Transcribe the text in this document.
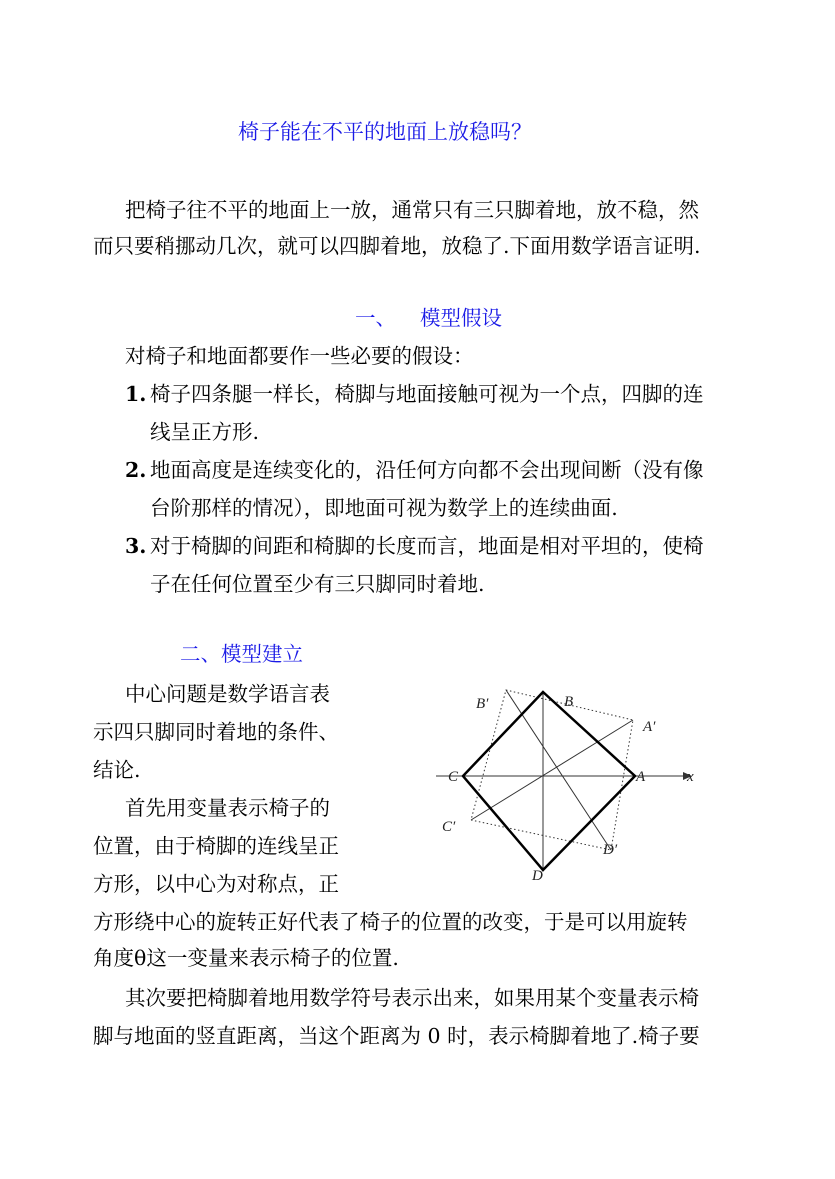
椅子能在不平的地面上放稳吗？
把椅子往不平的地面上一放，通常只有三只脚着地，放不稳，然
而只要稍挪动几次，就可以四脚着地，放稳了.下面用数学语言证明.
一、 模型假设
对椅子和地面都要作一些必要的假设：
1. 椅子四条腿一样长，椅脚与地面接触可视为一个点，四脚的连
线呈正方形.
2. 地面高度是连续变化的，沿任何方向都不会出现间断（没有像
台阶那样的情况），即地面可视为数学上的连续曲面.
3. 对于椅脚的间距和椅脚的长度而言，地面是相对平坦的，使椅
子在任何位置至少有三只脚同时着地.
二、模型建立
中心问题是数学语言表
示四只脚同时着地的条件、
结论.
首先用变量表示椅子的
位置，由于椅脚的连线呈正
方形，以中心为对称点，正
方形绕中心的旋转正好代表了椅子的位置的改变，于是可以用旋转
角度θ这一变量来表示椅子的位置.
其次要把椅脚着地用数学符号表示出来，如果用某个变量表示椅
脚与地面的竖直距离，当这个距离为 0 时，表示椅脚着地了.椅子要
B′	B
A′
C	A	x
C′
D′
D
